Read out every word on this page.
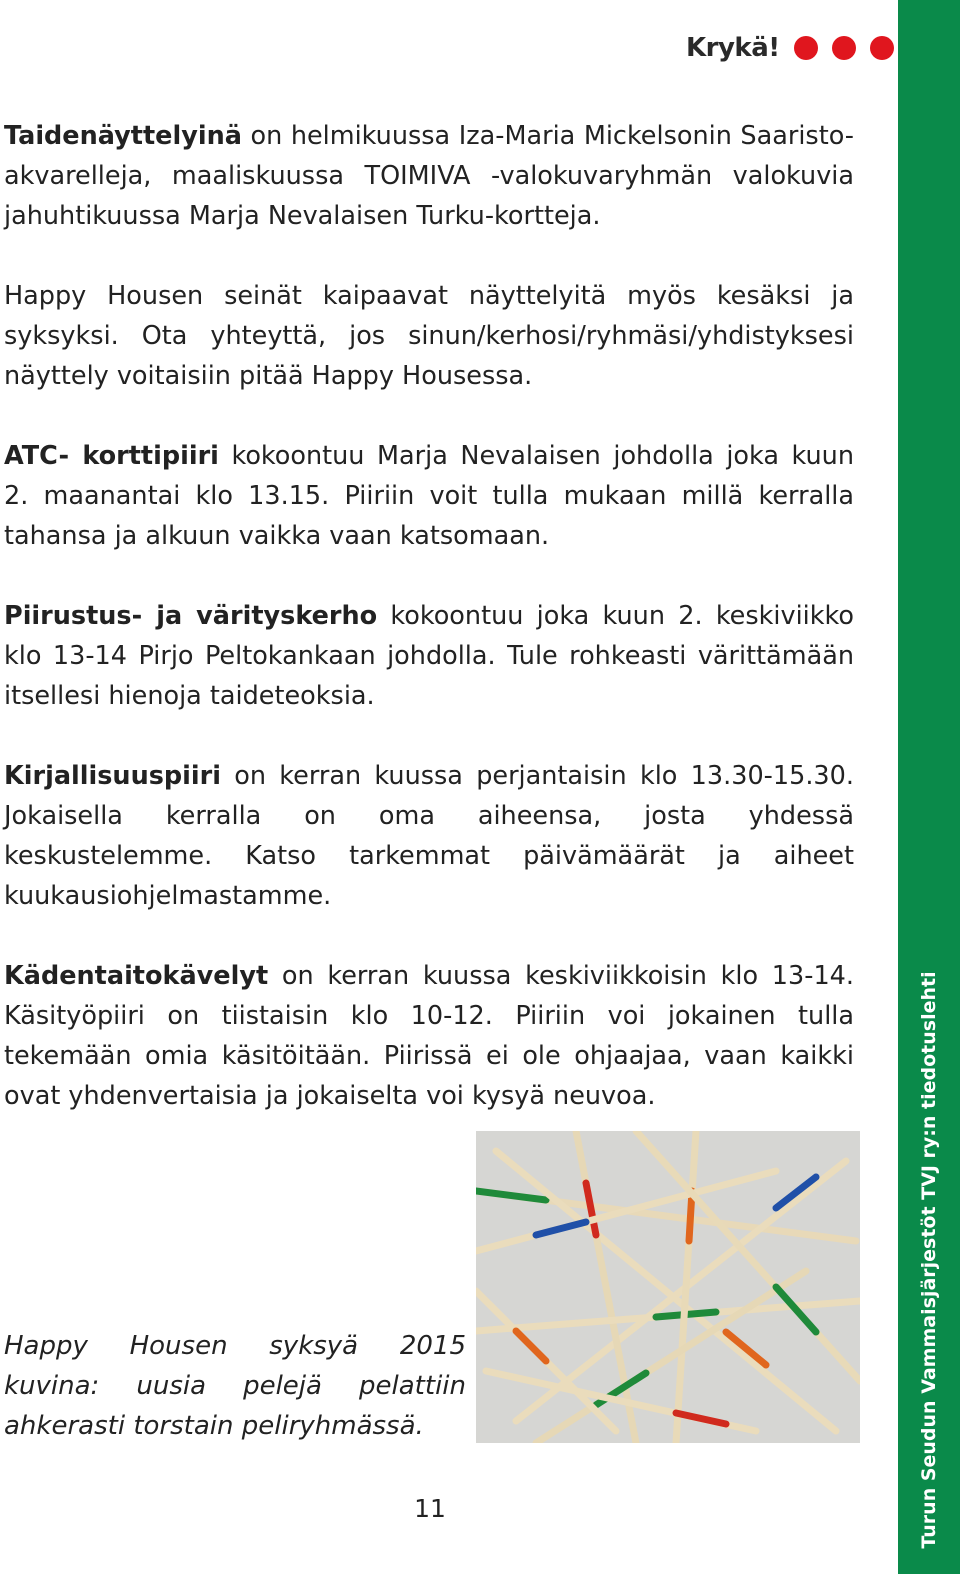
Turun Seudun Vammaisjärjestöt TVJ ry:n tiedotuslehti
Krykä!

Taidenäyttelyinä on helmikuussa Iza-Maria Mickelsonin Saaristo-akvarelleja, maaliskuussa TOIMIVA -valokuvaryhmän valokuvia jahuhtikuussa Marja Nevalaisen Turku-kortteja.

Happy Housen seinät kaipaavat näyttelyitä myös kesäksi ja syksyksi. Ota yhteyttä, jos sinun/kerhosi/ryhmäsi/yhdistyksesi näyttely voitaisiin pitää Happy Housessa.

ATC- korttipiiri kokoontuu Marja Nevalaisen johdolla joka kuun 2. maanantai klo 13.15. Piiriin voit tulla mukaan millä kerralla tahansa ja alkuun vaikka vaan katsomaan.

Piirustus- ja värityskerho kokoontuu joka kuun 2. keskiviikko klo 13-14 Pirjo Peltokankaan johdolla. Tule rohkeasti värittämään itsellesi hienoja taideteoksia.

Kirjallisuuspiiri on kerran kuussa perjantaisin klo 13.30-15.30. Jokaisella kerralla on oma aiheensa, josta yhdessä keskustelemme. Katso tarkemmat päivämäärät ja aiheet kuukausiohjelmastamme.

Kädentaitokävelyt on kerran kuussa keskiviikkoisin klo 13-14. Käsityöpiiri on tiistaisin klo 10-12. Piiriin voi jokainen tulla tekemään omia käsitöitään. Piirissä ei ole ohjaajaa, vaan kaikki ovat yhdenvertaisia ja jokaiselta voi kysyä neuvoa.

Happy Housen syksyä 2015 kuvina: uusia pelejä pelattiin ahkerasti torstain peliryhmässä.
11
